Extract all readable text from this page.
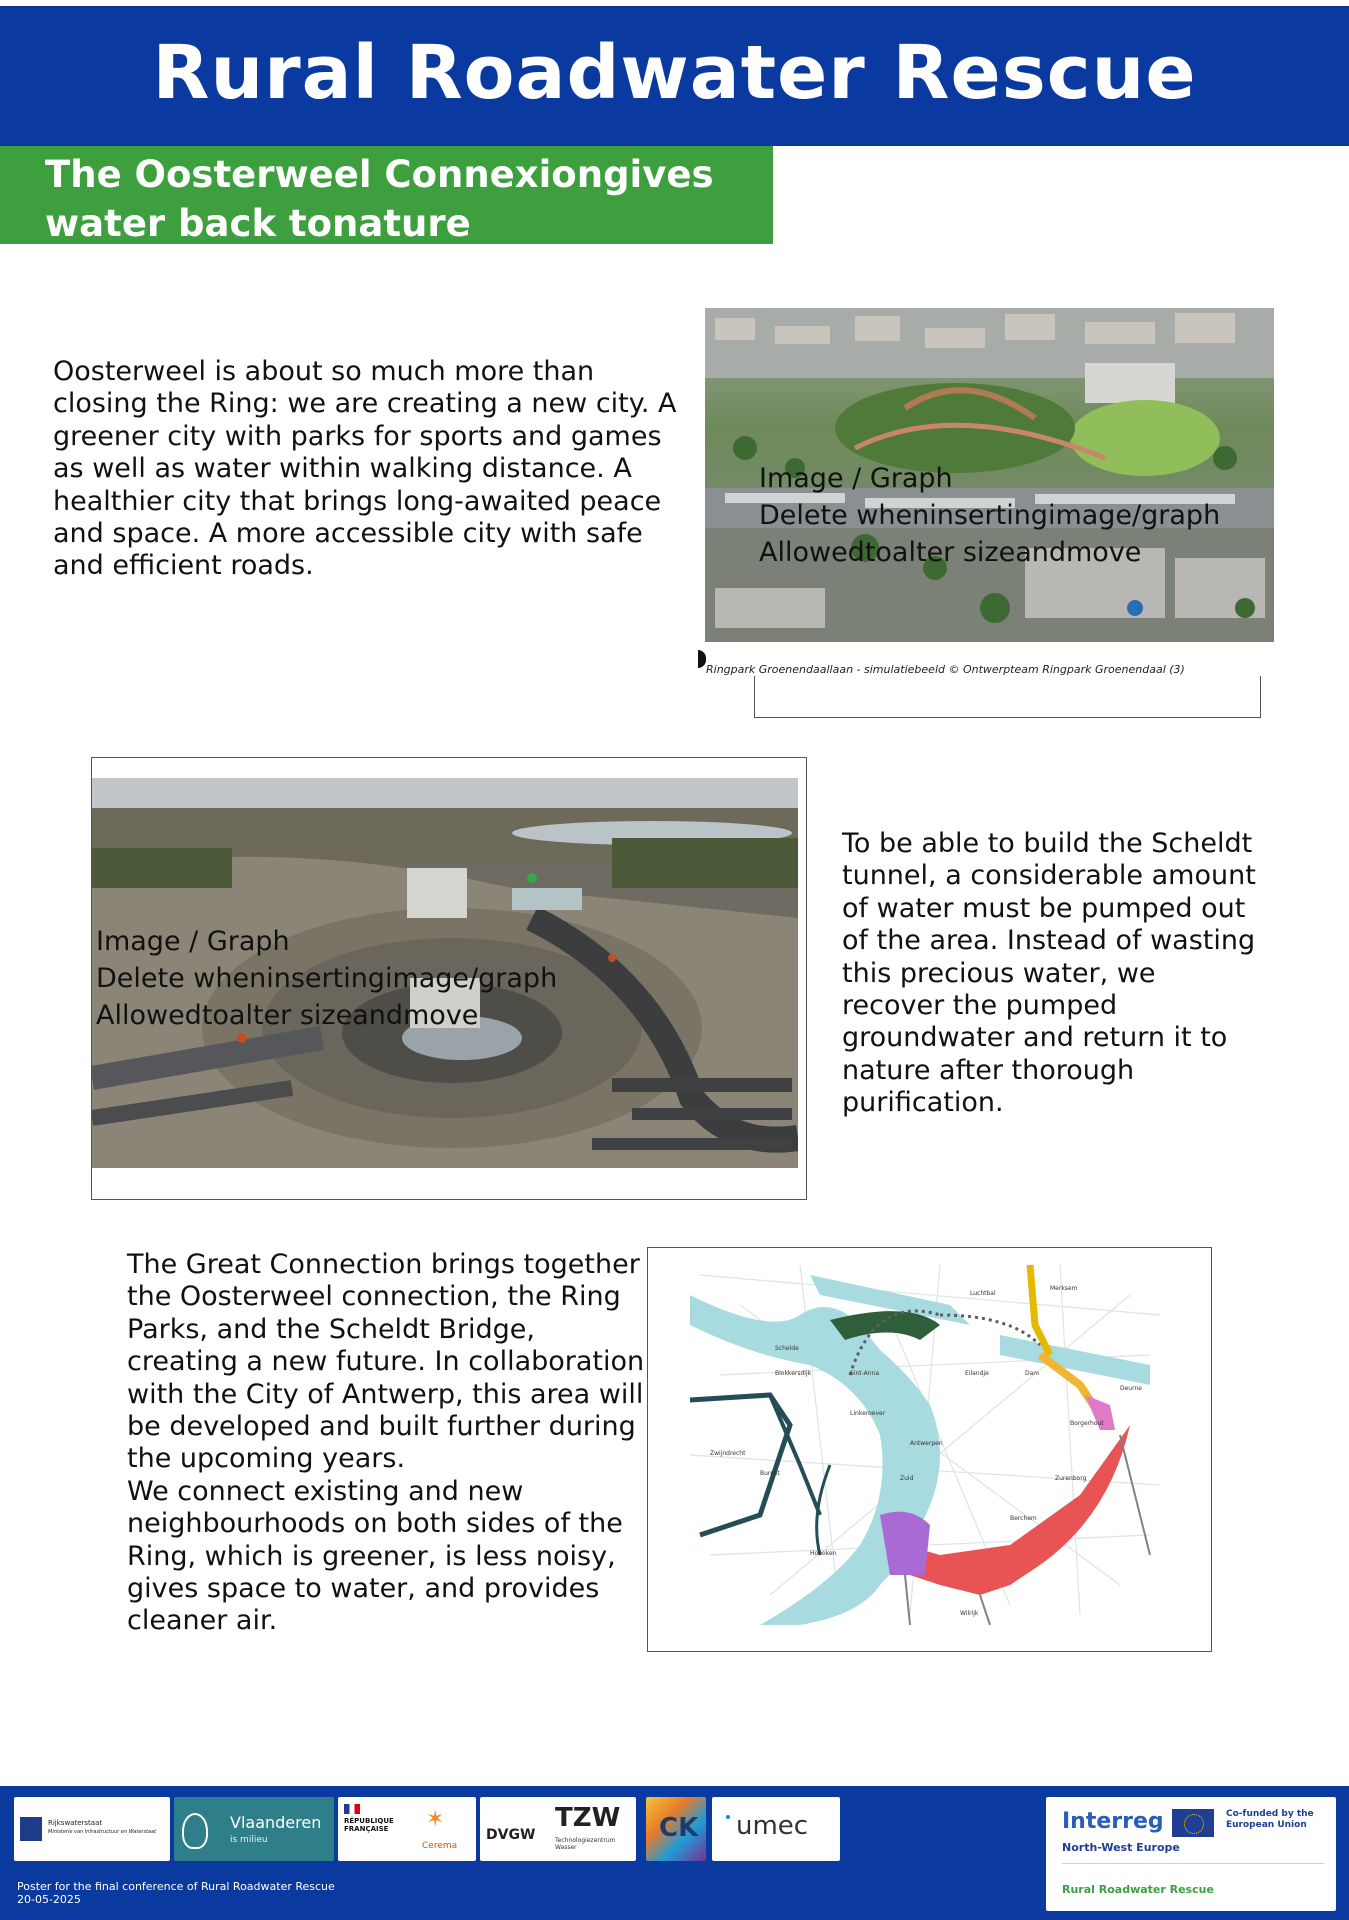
Rural Roadwater Rescue
The Oosterweel Connexiongives water back tonature

Oosterweel is about so much more than closing the Ring: we are creating a new city. A greener city with parks for sports and games as well as water within walking distance. A healthier city that brings long-awaited peace and space. A more accessible city with safe and efficient roads.

Image / Graph
Delete wheninsertingimage/graph
Allowedtoalter sizeandmove
Ringpark Groenendaallaan - simulatiebeeld © Ontwerpteam Ringpark Groenendaal (3)
Image / Graph
Delete wheninsertingimage/graph
Allowedtoalter sizeandmove

To be able to build the Scheldt tunnel, a considerable amount of water must be pumped out of the area. Instead of wasting this precious water, we recover the pumped groundwater and return it to nature after thorough purification.

The Great Connection brings together the Oosterweel connection, the Ring Parks, and the Scheldt Bridge, creating a new future. In collaboration with the City of Antwerp, this area will be developed and built further during the upcoming years.
We connect existing and new neighbourhoods on both sides of the Ring, which is greener, is less noisy, gives space to water, and provides cleaner air.

Luchtbal
Merksem
Schelde
Blokkersdijk	Sint-Anna	Eilandje	Dam
Deurne
Linkeroever
Antwerpen
Borgerhout
Zwijndrecht
Burcht
Zuid	Zurenborg
Berchem
Hoboken
Wilrijk
Rijkswaterstaat
Ministerie van Infrastructuur en Waterstaat	Vlaanderen
is milieu
RÉPUBLIQUE FRANÇAISE	✶
Cerema
DVGW
TZW
Technologiezentrum Wasser
CK umec	Interreg	Co-funded by the European Union
North-West Europe
Rural Roadwater Rescue
Poster for the final conference of Rural Roadwater Rescue
20-05-2025
